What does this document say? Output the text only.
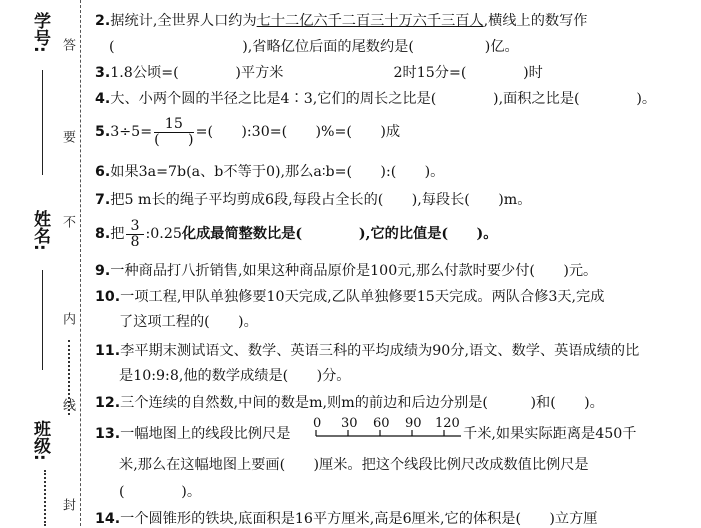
学号:
姓名:
班级:
答
要
不
内
线
封
2.据统计,全世界人口约为七十二亿六千二百三十万六千三百人,横线上的数写作
(　　　　　　　　　),省略亿位后面的尾数约是(　　　　　)亿。
3.1.8公顷=(　　　　)平方米	2时15分=(　　　　)时
4.大、小两个圆的半径之比是4∶3,它们的周长之比是(　　　　),面积之比是(　　　　)。
$5.3\div 5= \frac{15}{( )}$ =(　　):30=(　　)%=(　　)成
6.如果3a=7b(a、b不等于0),那么a∶b=(　　):(　　)。
7.把5 m长的绳子平均剪成6段,每段占全长的(　　),每段长(　　)m。
8.把 $\frac{3}{8}$ :0.25化成最简整数比是(　　　　),它的比值是(　　)。
9.一种商品打八折销售,如果这种商品原价是100元,那么付款时要少付(　　)元。
10.一项工程,甲队单独修要10天完成,乙队单独修要15天完成。两队合修3天,完成
了这项工程的(　　)。
11.李平期末测试语文、数学、英语三科的平均成绩为90分,语文、数学、英语成绩的比
是10:9:8,他的数学成绩是(　　)分。
12.三个连续的自然数,中间的数是m,则m的前边和后边分别是(　　　)和(　　)。
13.一幅地图上的线段比例尺是
0 30 60 90 120
千米,如果实际距离是450千
米,那么在这幅地图上要画(　　)厘米。把这个线段比例尺改成数值比例尺是
(　　　　)。
14.一个圆锥形的铁块,底面积是16平方厘米,高是6厘米,它的体积是(　　)立方厘
